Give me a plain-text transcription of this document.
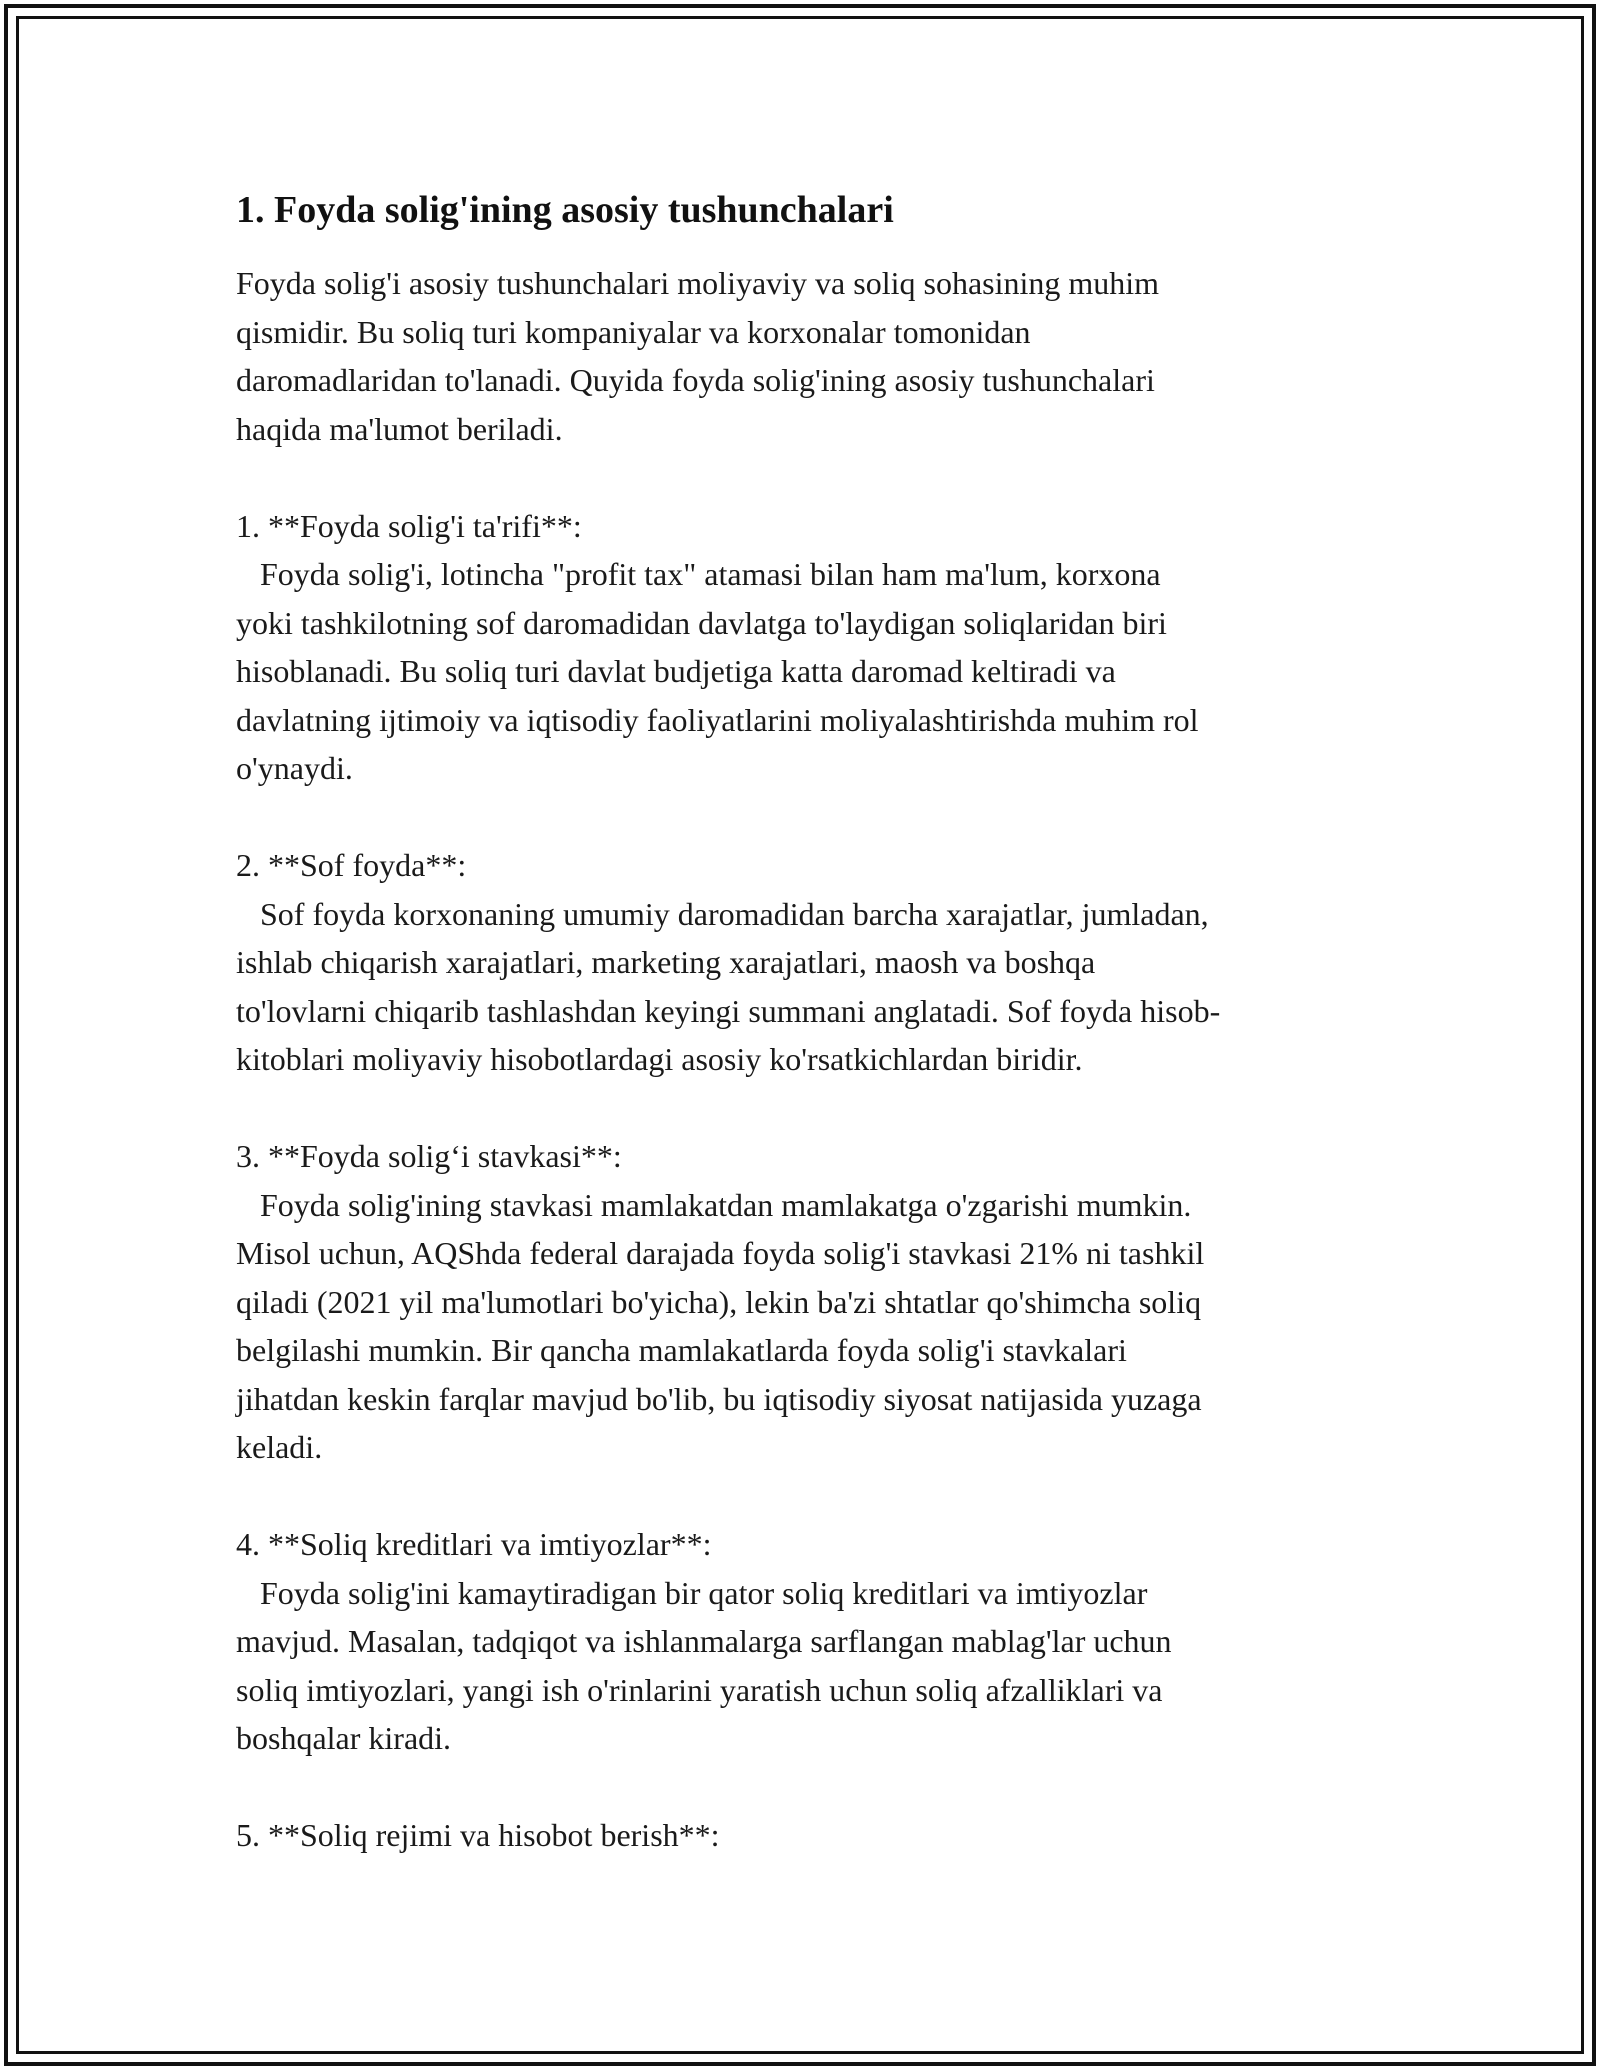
1. Foyda solig'ining asosiy tushunchalari

Foyda solig'i asosiy tushunchalari moliyaviy va soliq sohasining muhim
qismidir. Bu soliq turi kompaniyalar va korxonalar tomonidan
daromadlaridan to'lanadi. Quyida foyda solig'ining asosiy tushunchalari
haqida ma'lumot beriladi.

1. **Foyda solig'i ta'rifi**:
Foyda solig'i, lotincha "profit tax" atamasi bilan ham ma'lum, korxona
yoki tashkilotning sof daromadidan davlatga to'laydigan soliqlaridan biri
hisoblanadi. Bu soliq turi davlat budjetiga katta daromad keltiradi va
davlatning ijtimoiy va iqtisodiy faoliyatlarini moliyalashtirishda muhim rol
o'ynaydi.

2. **Sof foyda**:
Sof foyda korxonaning umumiy daromadidan barcha xarajatlar, jumladan,
ishlab chiqarish xarajatlari, marketing xarajatlari, maosh va boshqa
to'lovlarni chiqarib tashlashdan keyingi summani anglatadi. Sof foyda hisob-
kitoblari moliyaviy hisobotlardagi asosiy ko'rsatkichlardan biridir.

3. **Foyda solig‘i stavkasi**:
Foyda solig'ining stavkasi mamlakatdan mamlakatga o'zgarishi mumkin.
Misol uchun, AQShda federal darajada foyda solig'i stavkasi 21% ni tashkil
qiladi (2021 yil ma'lumotlari bo'yicha), lekin ba'zi shtatlar qo'shimcha soliq
belgilashi mumkin. Bir qancha mamlakatlarda foyda solig'i stavkalari
jihatdan keskin farqlar mavjud bo'lib, bu iqtisodiy siyosat natijasida yuzaga
keladi.

4. **Soliq kreditlari va imtiyozlar**:
Foyda solig'ini kamaytiradigan bir qator soliq kreditlari va imtiyozlar
mavjud. Masalan, tadqiqot va ishlanmalarga sarflangan mablag'lar uchun
soliq imtiyozlari, yangi ish o'rinlarini yaratish uchun soliq afzalliklari va
boshqalar kiradi.

5. **Soliq rejimi va hisobot berish**:
